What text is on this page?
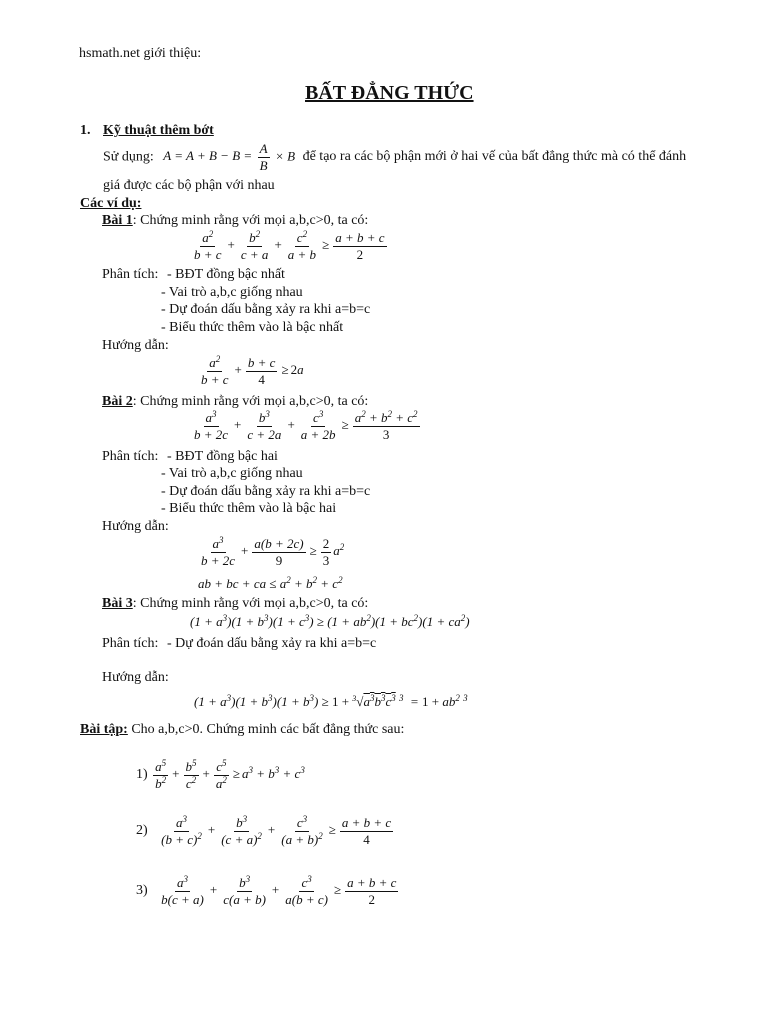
hsmath.net giới thiệu:
BẤT ĐẲNG THỨC
1. Kỹ thuật thêm bớt
Sử dụng: $A = A + B - B = \frac{A}{B} \times B$ để tạo ra các bộ phận mới ở hai vế của bất đẳng thức mà có thể đánh
giá được các bộ phận với nhau
Các ví dụ:
Bài 1: Chứng minh rằng với mọi a,b,c>0, ta có:
$\frac{a^2}{b + c} + \frac{b^2}{c + a} + \frac{c^2}{a + b} \ge \frac{a + b + c}{2}$
Phân tích: - BĐT đồng bậc nhất
- Vai trò a,b,c giống nhau
- Dự đoán dấu bằng xảy ra khi a=b=c
- Biểu thức thêm vào là bậc nhất
Hướng dẫn:
$\frac{a^2}{b + c} + \frac{b + c}{4} \ge 2a$
Bài 2: Chứng minh rằng với mọi a,b,c>0, ta có:
$\frac{a^3}{b + 2c} + \frac{b^3}{c + 2a} + \frac{c^3}{a + 2b} \ge \frac{a^2 + b^2 + c^2}{3}$
Phân tích: - BĐT đồng bậc hai
- Vai trò a,b,c giống nhau
- Dự đoán dấu bằng xảy ra khi a=b=c
- Biểu thức thêm vào là bậc hai
Hướng dẫn:
$\frac{a^3}{b + 2c} + \frac{a(b + 2c)}{9} \ge \frac{2}{3} a^2$
ab + bc + ca ≤ $a^2 + b^2 + c^2$
Bài 3: Chứng minh rằng với mọi a,b,c>0, ta có:
$(1 + a^3)(1 + b^3)(1 + c^3) \ge (1 + ab^2)(1 + bc^2)(1 + ca^2)$
Phân tích: - Dự đoán dấu bằng xảy ra khi a=b=c
Hướng dẫn:
$(1 + a^3)(1 + b^3)(1 + b^3) \ge 1 + ^3√a^3b^3c^3$ $^3 = 1 + ab^2$ $^3$
Bài tập: Cho a,b,c>0. Chứng minh các bất đẳng thức sau:
$1) \frac{a^5}{b^2} + \frac{b^5}{c^2} + \frac{c^5}{a^2} \ge a^3 + b^3 + c^3$
$2) \frac{a^3}{(b + c)^2} + \frac{b^3}{(c + a)^2} + \frac{c^3}{(a + b)^2} \ge \frac{a + b + c}{4}$
$3) \frac{a^3}{b(c + a)} + \frac{b^3}{c(a + b)} + \frac{c^3}{a(b + c)} \ge \frac{a + b + c}{2}$
